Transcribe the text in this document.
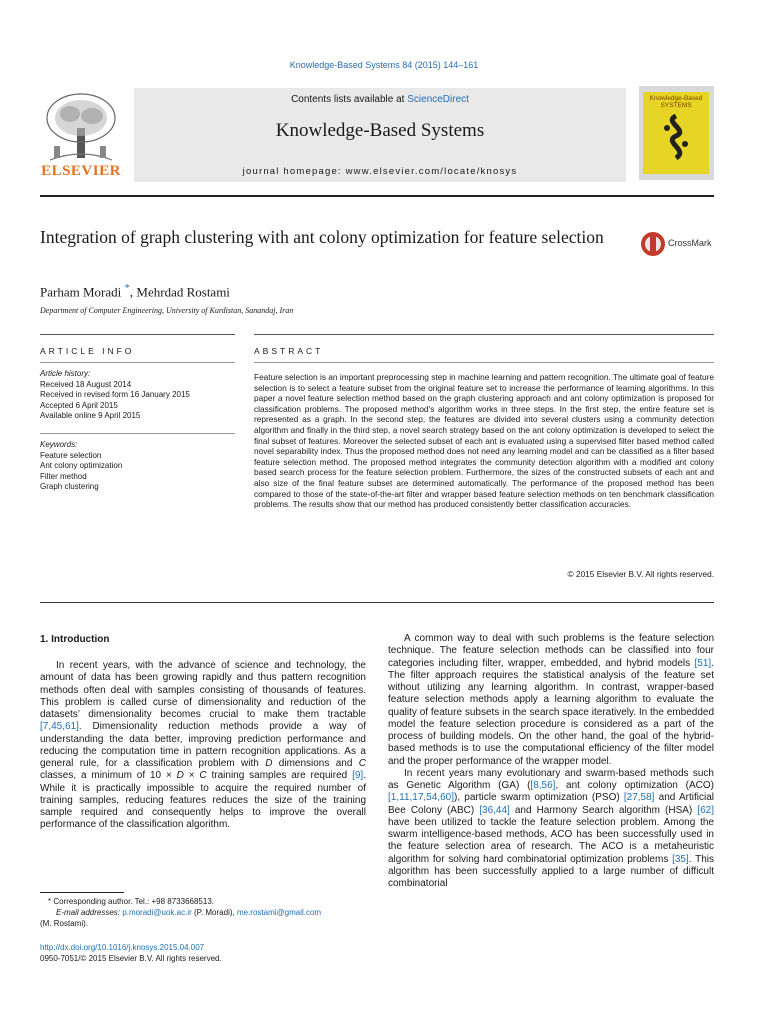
Knowledge-Based Systems 84 (2015) 144–161
ELSEVIER
Contents lists available at ScienceDirect
Knowledge-Based Systems
journal homepage: www.elsevier.com/locate/knosys
Knowledge-Based
SYSTEMS
Integration of graph clustering with ant colony optimization for feature selection	CrossMark
Parham Moradi *, Mehrdad Rostami
Department of Computer Engineering, University of Kurdistan, Sanandaj, Iran
ARTICLE INFO	ABSTRACT
Article history:
Received 18 August 2014
Received in revised form 16 January 2015
Accepted 6 April 2015
Available online 9 April 2015
Keywords:
Feature selection
Ant colony optimization
Filter method
Graph clustering
Feature selection is an important preprocessing step in machine learning and pattern recognition. The ultimate goal of feature selection is to select a feature subset from the original feature set to increase the performance of learning algorithms. In this paper a novel feature selection method based on the graph clustering approach and ant colony optimization is proposed for classification problems. The proposed method’s algorithm works in three steps. In the first step, the entire feature set is represented as a graph. In the second step, the features are divided into several clusters using a community detection algorithm and finally in the third step, a novel search strategy based on the ant colony optimization is developed to select the final subset of features. Moreover the selected subset of each ant is evaluated using a supervised filter based method called novel separability index. Thus the proposed method does not need any learning model and can be classified as a filter based feature selection method. The proposed method integrates the community detection algorithm with a modified ant colony based search process for the feature selection problem. Furthermore, the sizes of the constructed subsets of each ant and also size of the final feature subset are determined automatically. The performance of the proposed method has been compared to those of the state-of-the-art filter and wrapper based feature selection methods on ten benchmark classification problems. The results show that our method has produced consistently better classification accuracies.
© 2015 Elsevier B.V. All rights reserved.
1. Introduction

In recent years, with the advance of science and technology, the amount of data has been growing rapidly and thus pattern recognition methods often deal with samples consisting of thousands of features. This problem is called curse of dimensionality and reduction of the datasets’ dimensionality becomes crucial to make them tractable [7,45,61]. Dimensionality reduction methods provide a way of understanding the data better, improving prediction performance and reducing the computation time in pattern recognition applications. As a general rule, for a classification problem with D dimensions and C classes, a minimum of 10 × D × C training samples are required [9]. While it is practically impossible to acquire the required number of training samples, reducing features reduces the size of the training sample required and consequently helps to improve the overall performance of the classification algorithm.

A common way to deal with such problems is the feature selection technique. The feature selection methods can be classified into four categories including filter, wrapper, embedded, and hybrid models [51]. The filter approach requires the statistical analysis of the feature set without utilizing any learning algorithm. In contrast, wrapper-based feature selection methods apply a learning algorithm to evaluate the quality of feature subsets in the search space iteratively. In the embedded model the feature selection procedure is considered as a part of the process of building models. On the other hand, the goal of the hybrid-based methods is to use the computational efficiency of the filter model and the proper performance of the wrapper model.

In recent years many evolutionary and swarm-based methods such as Genetic Algorithm (GA) ([8,56], ant colony optimization (ACO) [1,11,17,54,60]), particle swarm optimization (PSO) [27,58] and Artificial Bee Colony (ABC) [36,44] and Harmony Search algorithm (HSA) [62] have been utilized to tackle the feature selection problem. Among the swarm intelligence-based methods, ACO has been successfully used in the feature selection area of research. The ACO is a metaheuristic algorithm for solving hard combinatorial optimization problems [35]. This algorithm has been successfully applied to a large number of difficult combinatorial

* Corresponding author. Tel.: +98 8733668513.
E-mail addresses: p.moradi@uok.ac.ir (P. Moradi), me.rostami@gmail.com
(M. Rostami).
http://dx.doi.org/10.1016/j.knosys.2015.04.007
0950-7051/© 2015 Elsevier B.V. All rights reserved.
